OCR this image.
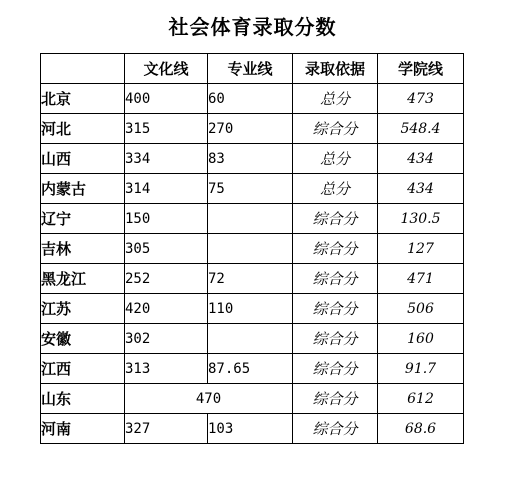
社会体育录取分数
	文化线	专业线	录取依据	学院线
北京	400	60	总分	473
河北	315	270	综合分	548.4
山西	334	83	总分	434
内蒙古	314	75	总分	434
辽宁	150		综合分	130.5
吉林	305		综合分	127
黑龙江	252	72	综合分	471
江苏	420	110	综合分	506
安徽	302		综合分	160
江西	313	87.65	综合分	91.7
山东	470		综合分	612
河南	327	103	综合分	68.6
